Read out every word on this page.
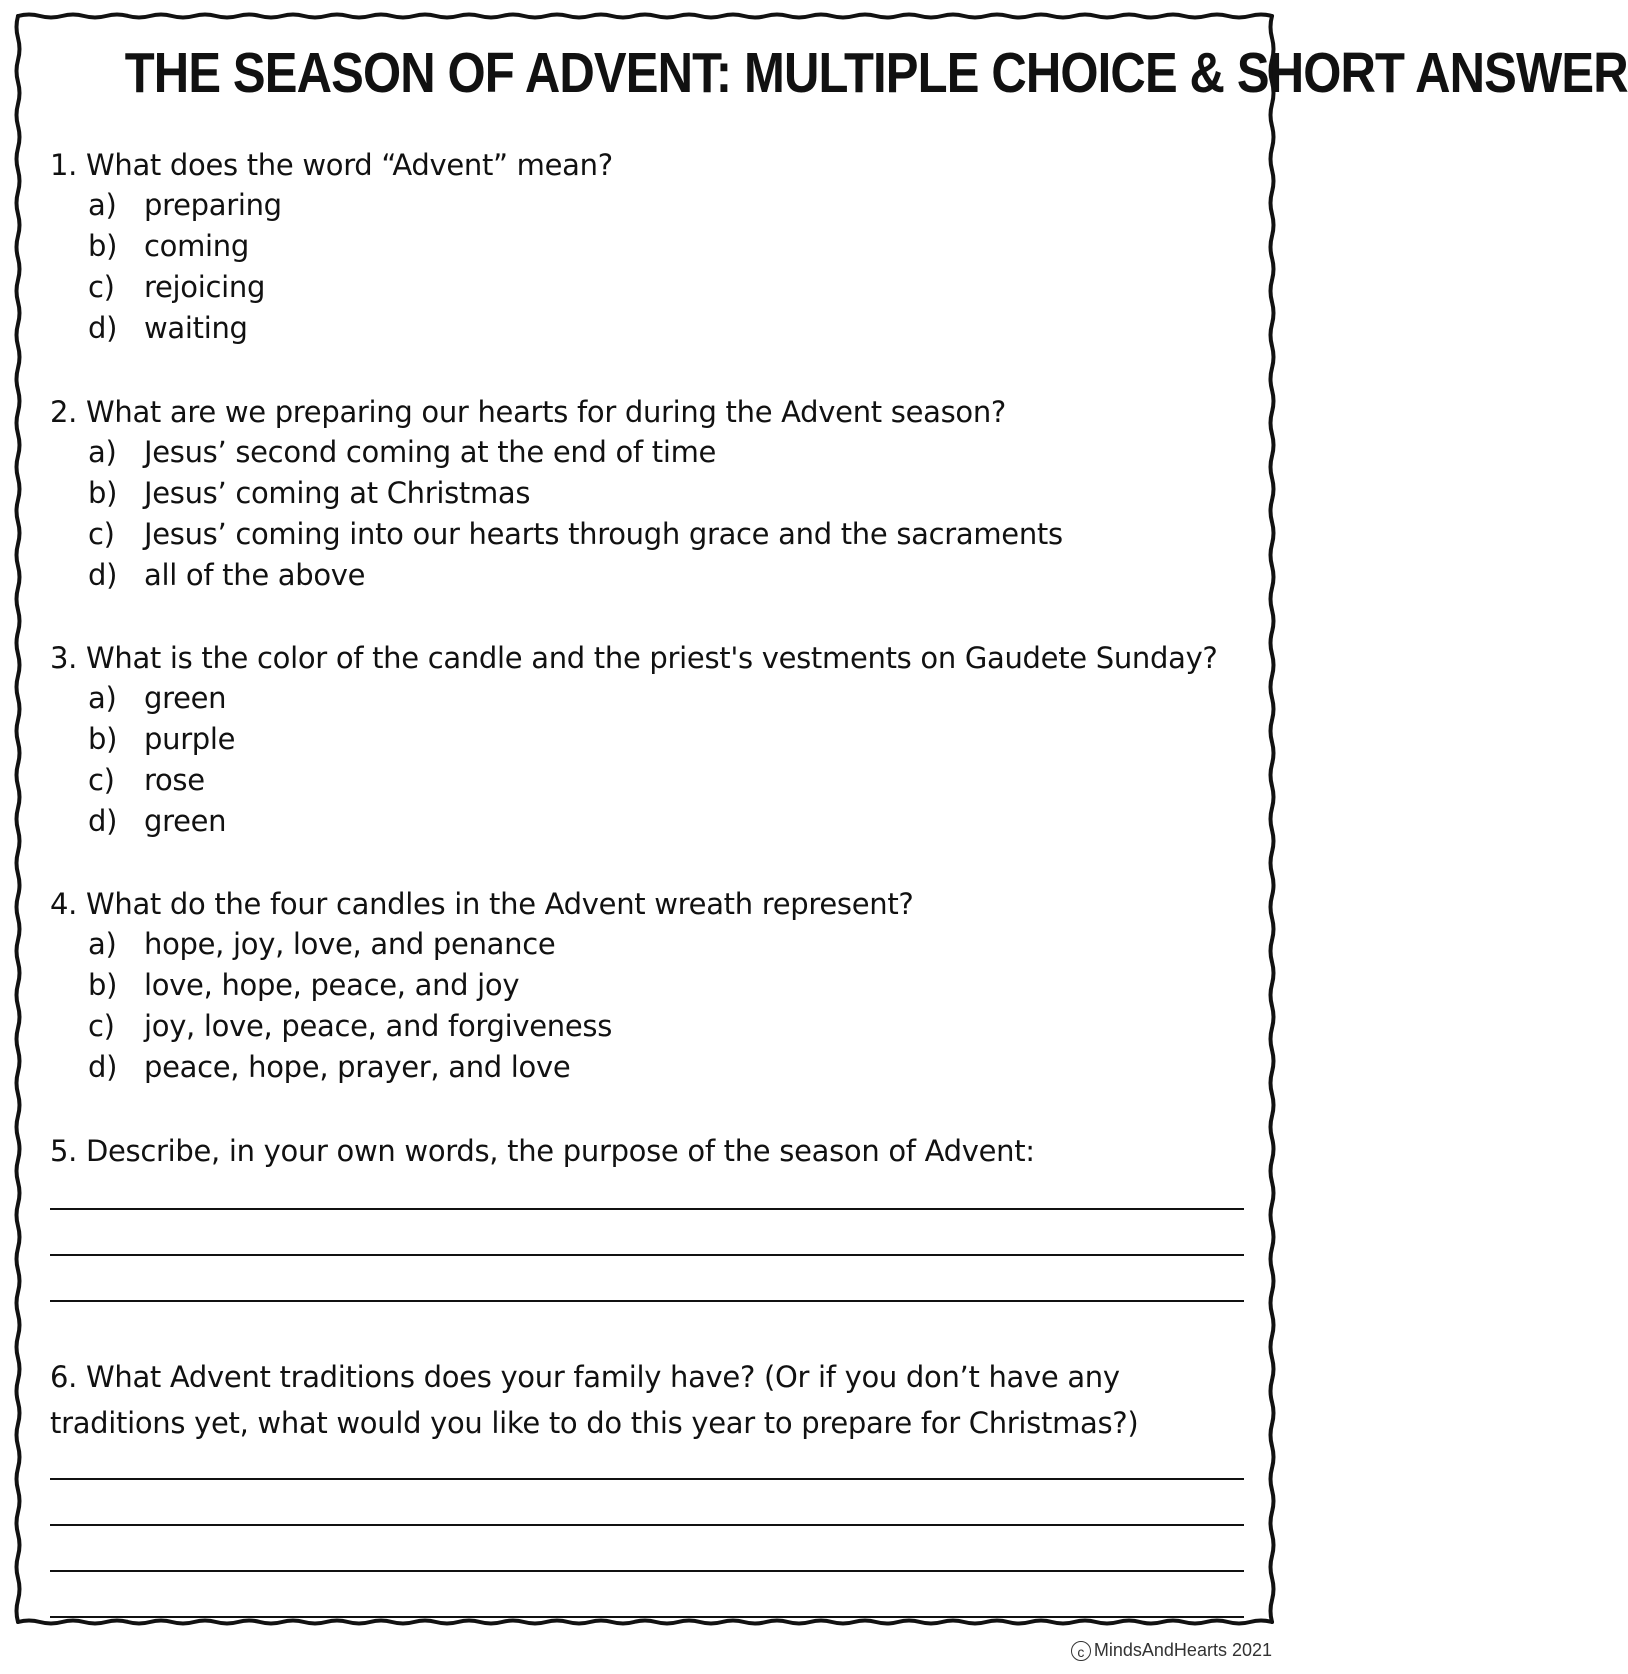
THE SEASON OF ADVENT: MULTIPLE CHOICE & SHORT ANSWER
1. What does the word “Advent” mean?
a) preparing
b) coming
c) rejoicing
d) waiting
2. What are we preparing our hearts for during the Advent season?
a) Jesus’ second coming at the end of time
b) Jesus’ coming at Christmas
c) Jesus’ coming into our hearts through grace and the sacraments
d) all of the above
3. What is the color of the candle and the priest's vestments on Gaudete Sunday?
a) green
b) purple
c) rose
d) green
4. What do the four candles in the Advent wreath represent?
a) hope, joy, love, and penance
b) love, hope, peace, and joy
c) joy, love, peace, and forgiveness
d) peace, hope, prayer, and love
5. Describe, in your own words, the purpose of the season of Advent:
6. What Advent traditions does your family have? (Or if you don’t have any traditions yet, what would you like to do this year to prepare for Christmas?)
c MindsAndHearts 2021
